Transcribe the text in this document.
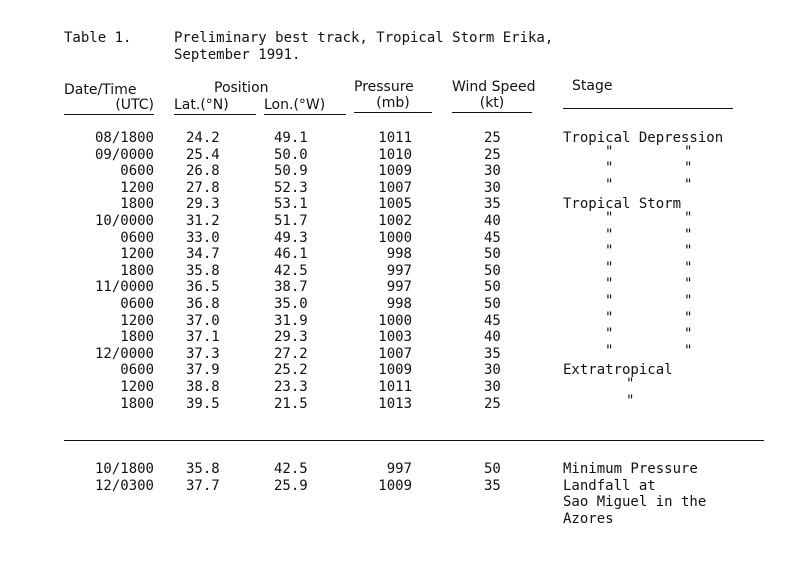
Table 1.	Preliminary best track, Tropical Storm Erika,
September 1991.
Date/Time
(UTC)
Position
Lat.(°N)	Lon.(°W)
Pressure
(mb)
Wind Speed
(kt)
Stage
08/1800 24.2	49.1	1011	25	Tropical Depression
09/0000 25.4	50.0	1010	25	"	"
0600 26.8	50.9	1009	30	"	"
1200 27.8	52.3	1007	30	"	"
1800 29.3	53.1	1005	35	Tropical Storm
10/0000 31.2	51.7	1002	40	"	"
0600 33.0	49.3	1000	45	"	"
1200 34.7	46.1	998	50	"	"
1800 35.8	42.5	997	50	"	"
11/0000 36.5	38.7	997	50	"	"
0600 36.8	35.0	998	50	"	"
1200 37.0	31.9	1000	45	"	"
1800 37.1	29.3	1003	40	"	"
12/0000 37.3	27.2	1007	35	"	"
0600 37.9	25.2	1009	30	Extratropical
1200 38.8	23.3	1011	30	"
1800 39.5	21.5	1013	25	"
10/1800 35.8	42.5	997	50	Minimum Pressure
12/0300 37.7	25.9	1009	35	Landfall at
Sao Miguel in the
Azores
